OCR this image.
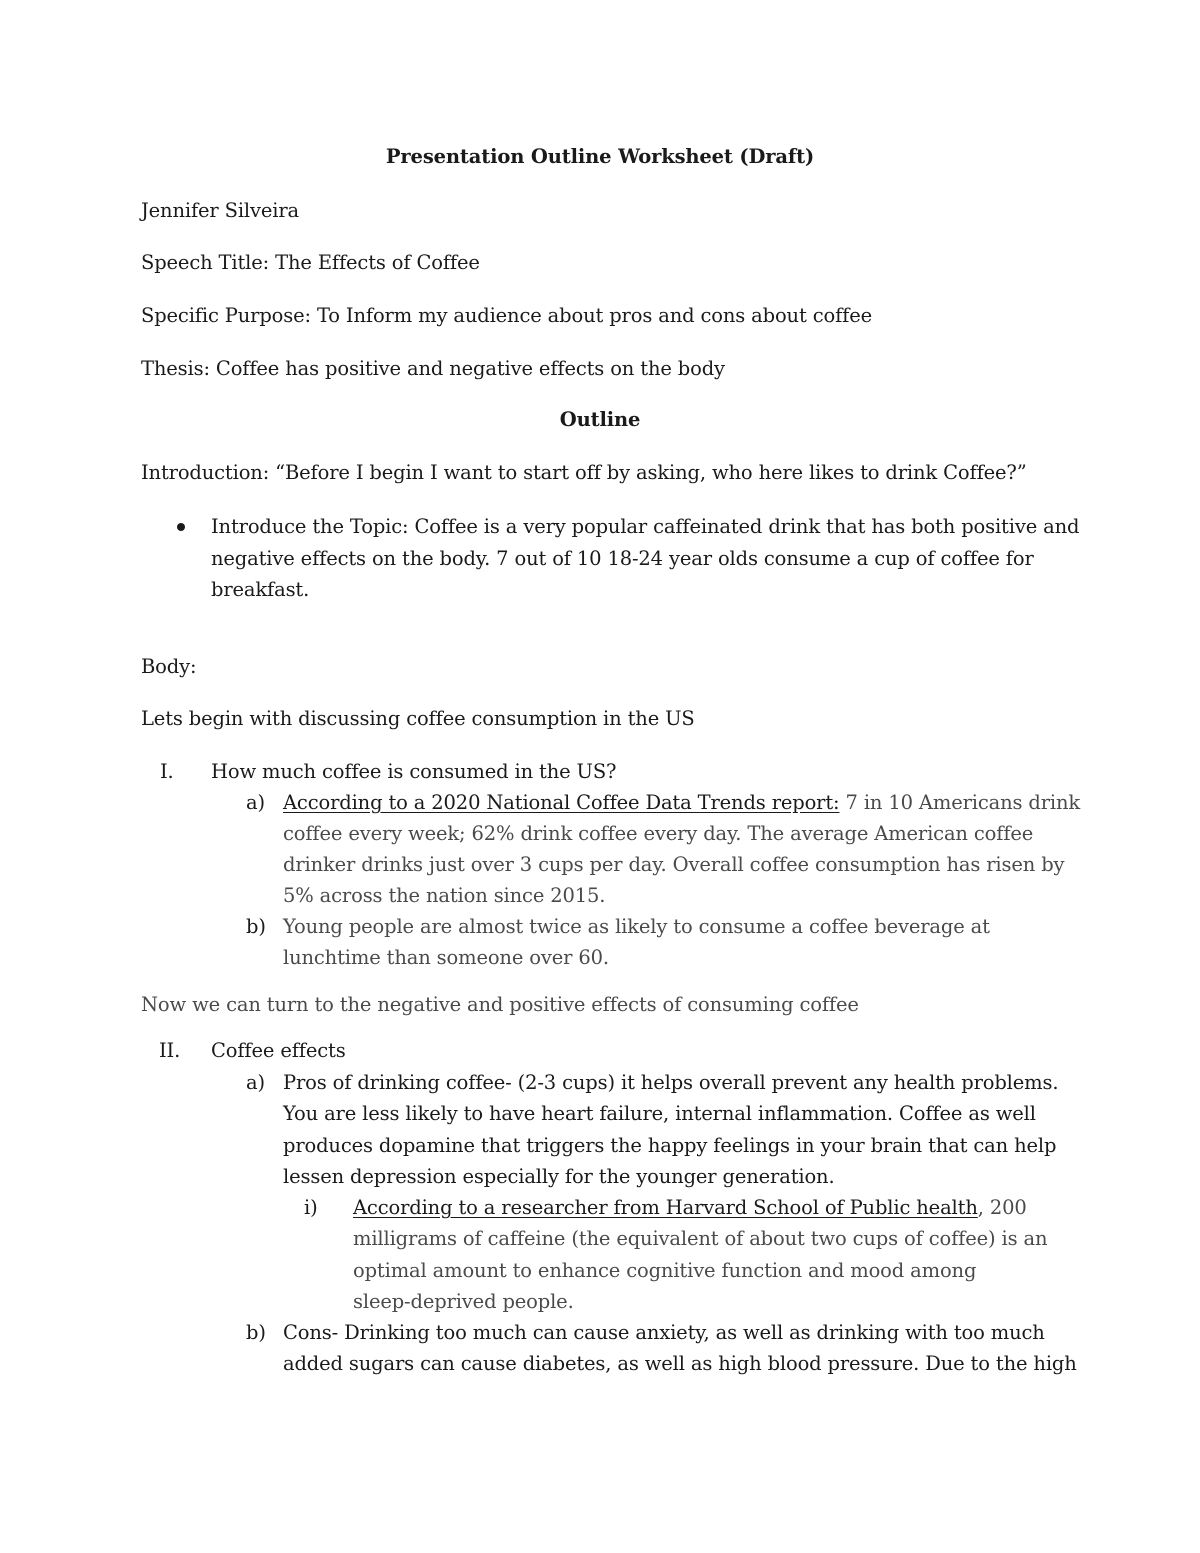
Presentation Outline Worksheet (Draft)
Jennifer Silveira
Speech Title: The Effects of Coffee
Specific Purpose: To Inform my audience about pros and cons about coffee
Thesis: Coffee has positive and negative effects on the body
Outline
Introduction: “Before I begin I want to start off by asking, who here likes to drink Coffee?”
Introduce the Topic: Coffee is a very popular caffeinated drink that has both positive and
negative effects on the body. 7 out of 10 18-24 year olds consume a cup of coffee for
breakfast.
Body:
Lets begin with discussing coffee consumption in the US
I. How much coffee is consumed in the US?
a) According to a 2020 National Coffee Data Trends report: 7 in 10 Americans drink
coffee every week; 62% drink coffee every day. The average American coffee
drinker drinks just over 3 cups per day. Overall coffee consumption has risen by
5% across the nation since 2015.
b) Young people are almost twice as likely to consume a coffee beverage at
lunchtime than someone over 60.
Now we can turn to the negative and positive effects of consuming coffee
II. Coffee effects
a) Pros of drinking coffee- (2-3 cups) it helps overall prevent any health problems.
You are less likely to have heart failure, internal inflammation. Coffee as well
produces dopamine that triggers the happy feelings in your brain that can help
lessen depression especially for the younger generation.
i) According to a researcher from Harvard School of Public health, 200
milligrams of caffeine (the equivalent of about two cups of coffee) is an
optimal amount to enhance cognitive function and mood among
sleep-deprived people.
b) Cons- Drinking too much can cause anxiety, as well as drinking with too much
added sugars can cause diabetes, as well as high blood pressure. Due to the high
